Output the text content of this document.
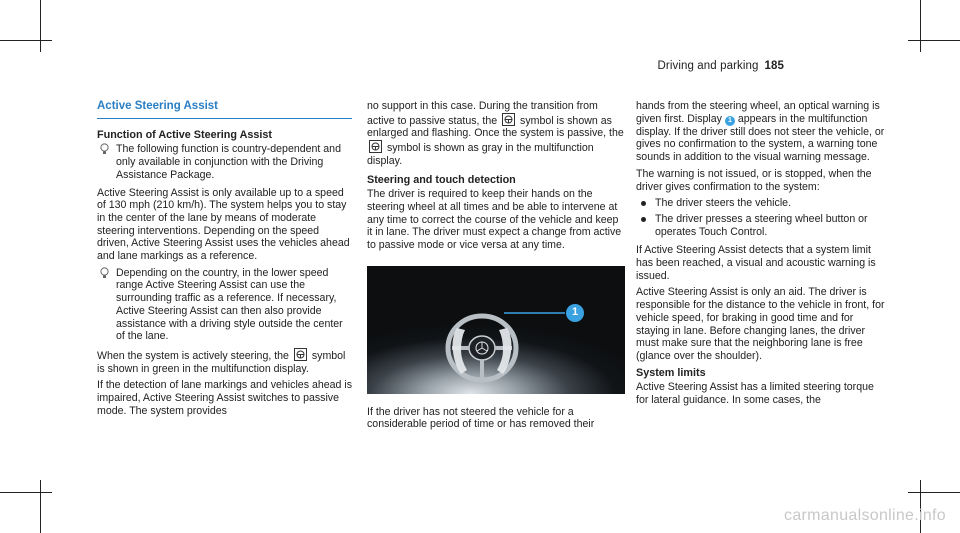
Driving and parking 185
Active Steering Assist
Function of Active Steering Assist
The following function is country-dependent and only available in conjunction with the Driving Assistance Package.

Active Steering Assist is only available up to a speed of 130 mph (210 km/h). The system helps you to stay in the center of the lane by means of moderate steering interventions. Depending on the speed driven, Active Steering Assist uses the vehicles ahead and lane markings as a reference.

Depending on the country, in the lower speed range Active Steering Assist can use the surrounding traffic as a reference. If necessary, Active Steering Assist can then also provide assistance with a driving style outside the center of the lane.

When the system is actively steering, the symbol is shown in green in the multifunction display.

If the detection of lane markings and vehicles ahead is impaired, Active Steering Assist switches to passive mode. The system provides

no support in this case. During the transition from active to passive status, the symbol is shown as enlarged and flashing. Once the system is passive, the
symbol is shown as gray in the multifunction display.

Steering and touch detection

The driver is required to keep their hands on the steering wheel at all times and be able to intervene at any time to correct the course of the vehicle and keep it in lane. The driver must expect a change from active to passive mode or vice versa at any time.

1

If the driver has not steered the vehicle for a considerable period of time or has removed their

hands from the steering wheel, an optical warning is given first. Display 1 appears in the multifunction display. If the driver still does not steer the vehicle, or gives no confirmation to the system, a warning tone sounds in addition to the visual warning message.

The warning is not issued, or is stopped, when the driver gives confirmation to the system:

The driver steers the vehicle.
The driver presses a steering wheel button or operates Touch Control.

If Active Steering Assist detects that a system limit has been reached, a visual and acoustic warning is issued.

Active Steering Assist is only an aid. The driver is responsible for the distance to the vehicle in front, for vehicle speed, for braking in good time and for staying in lane. Before changing lanes, the driver must make sure that the neighboring lane is free (glance over the shoulder).

System limits

Active Steering Assist has a limited steering torque for lateral guidance. In some cases, the

carmanualsonline.info
